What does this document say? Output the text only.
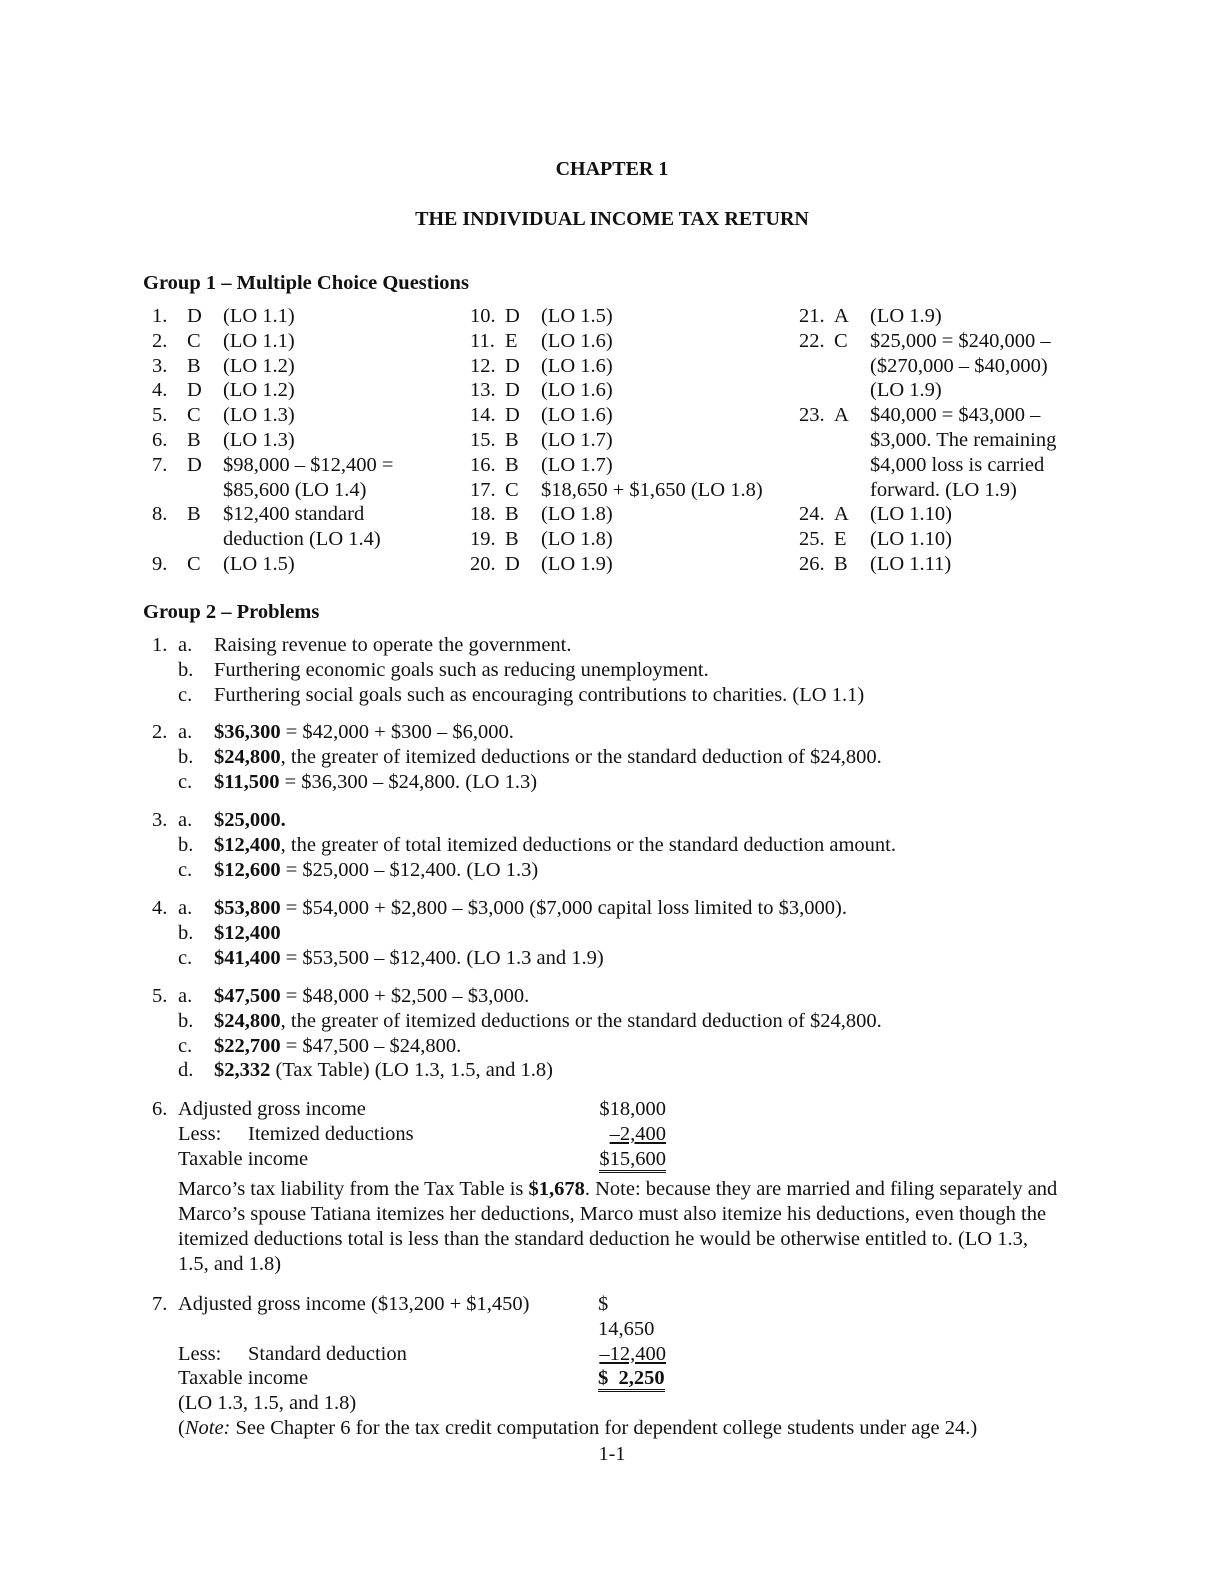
CHAPTER 1
THE INDIVIDUAL INCOME TAX RETURN
Group 1 – Multiple Choice Questions
1. D	(LO 1.1)
2. C	(LO 1.1)
3. B	(LO 1.2)
4. D	(LO 1.2)
5. C	(LO 1.3)
6. B	(LO 1.3)
7. D	$98,000 – $12,400 =
$85,600 (LO 1.4)
8. B	$12,400 standard
deduction (LO 1.4)
9. C	(LO 1.5)
10. D	(LO 1.5)
11. E	(LO 1.6)
12. D	(LO 1.6)
13. D	(LO 1.6)
14. D	(LO 1.6)
15. B	(LO 1.7)
16. B	(LO 1.7)
17. C	$18,650 + $1,650 (LO 1.8)
18. B	(LO 1.8)
19. B	(LO 1.8)
20. D	(LO 1.9)
21. A	(LO 1.9)
22. C	$25,000 = $240,000 –
($270,000 – $40,000)
(LO 1.9)
23. A	$40,000 = $43,000 –
$3,000. The remaining
$4,000 loss is carried
forward. (LO 1.9)
24. A	(LO 1.10)
25. E	(LO 1.10)
26. B	(LO 1.11)
Group 2 – Problems
1. a.	Raising revenue to operate the government.
b.	Furthering economic goals such as reducing unemployment.
c.	Furthering social goals such as encouraging contributions to charities. (LO 1.1)
2. a.	$36,300 = $42,000 + $300 – $6,000.
b.	$24,800, the greater of itemized deductions or the standard deduction of $24,800.
c.	$11,500 = $36,300 – $24,800. (LO 1.3)
3. a.	$25,000.
b.	$12,400, the greater of total itemized deductions or the standard deduction amount.
c.	$12,600 = $25,000 – $12,400. (LO 1.3)
4. a.	$53,800 = $54,000 + $2,800 – $3,000 ($7,000 capital loss limited to $3,000).
b.	$12,400
c.	$41,400 = $53,500 – $12,400. (LO 1.3 and 1.9)
5. a.	$47,500 = $48,000 + $2,500 – $3,000.
b.	$24,800, the greater of itemized deductions or the standard deduction of $24,800.
c.	$22,700 = $47,500 – $24,800.
d.	$2,332 (Tax Table) (LO 1.3, 1.5, and 1.8)
6. Adjusted gross income	$18,000
Less: Itemized deductions	–2,400
Taxable income	$15,600
Marco’s tax liability from the Tax Table is $1,678. Note: because they are married and filing separately and Marco’s spouse Tatiana itemizes her deductions, Marco must also itemize his deductions, even though the itemized deductions total is less than the standard deduction he would be otherwise entitled to. (LO 1.3, 1.5, and 1.8)
7. Adjusted gross income ($13,200 + $1,450)	$ 14,650
Less: Standard deduction	–12,400
Taxable income	$  2,250
(LO 1.3, 1.5, and 1.8)
(Note: See Chapter 6 for the tax credit computation for dependent college students under age 24.)
1-1
